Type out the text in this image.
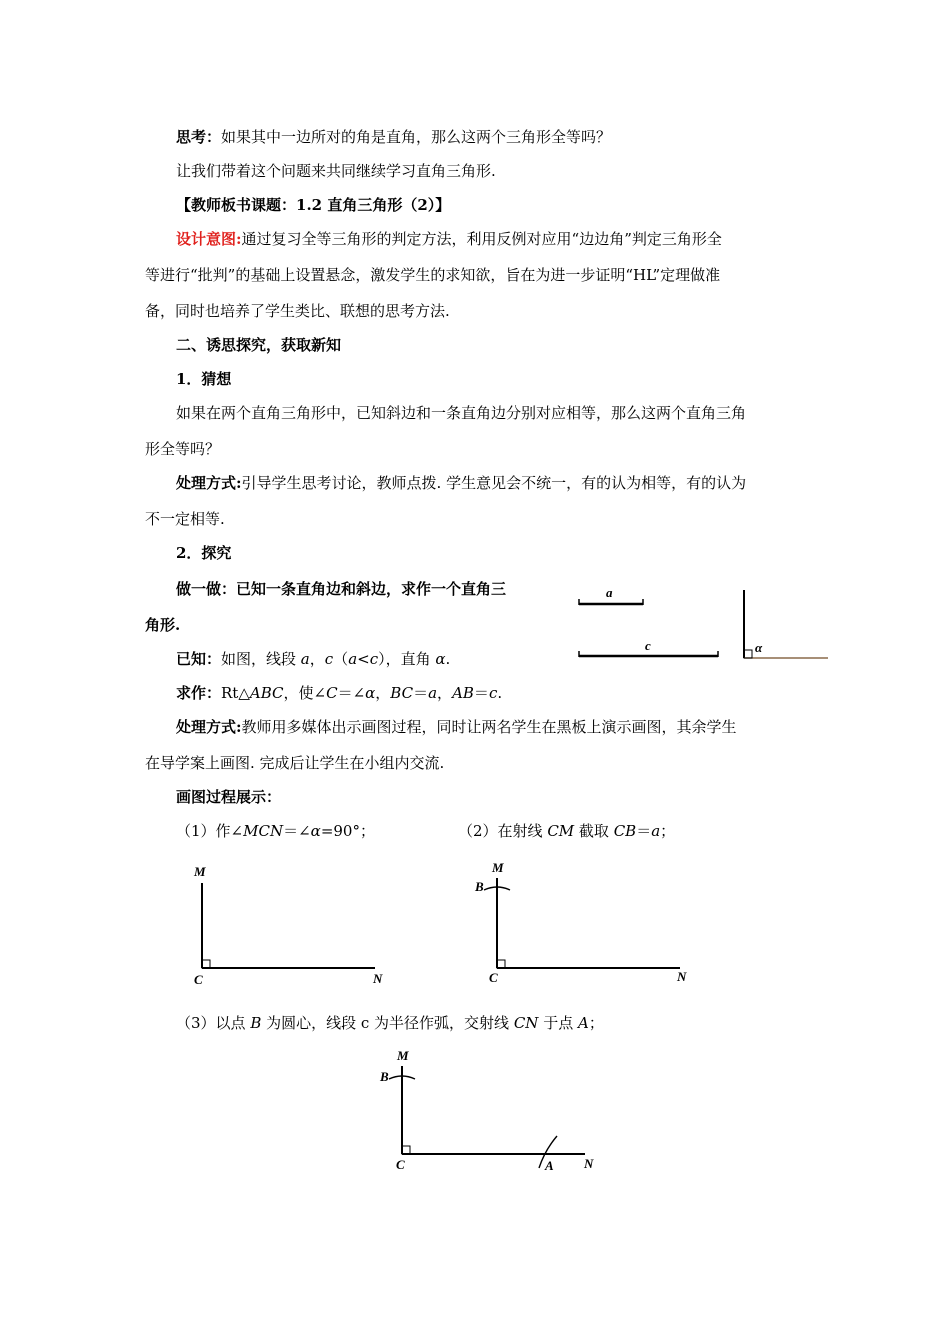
思考：如果其中一边所对的角是直角，那么这两个三角形全等吗？
让我们带着这个问题来共同继续学习直角三角形.
【教师板书课题：1.2 直角三角形（2）】
设计意图:通过复习全等三角形的判定方法，利用反例对应用“边边角”判定三角形全
等进行“批判”的基础上设置悬念，激发学生的求知欲，旨在为进一步证明“HL”定理做准
备，同时也培养了学生类比、联想的思考方法.
二、诱思探究，获取新知
1．猜想
如果在两个直角三角形中，已知斜边和一条直角边分别对应相等，那么这两个直角三角
形全等吗？
处理方式:引导学生思考讨论，教师点拨. 学生意见会不统一，有的认为相等，有的认为
不一定相等.
2．探究
做一做：已知一条直角边和斜边，求作一个直角三
角形.
已知：如图，线段 a，c（a<c），直角 α.
求作：Rt△ABC，使∠C＝∠α，BC＝a，AB＝c.
处理方式:教师用多媒体出示画图过程，同时让两名学生在黑板上演示画图，其余学生
在导学案上画图. 完成后让学生在小组内交流.
画图过程展示：
（1）作∠MCN＝∠α=90°；	（2）在射线 CM 截取 CB＝a；
（3）以点 B 为圆心，线段 c 为半径作弧，交射线 CN 于点 A；
a
c	α
M
C	N
M
B
C	N
M
B
C	A N
